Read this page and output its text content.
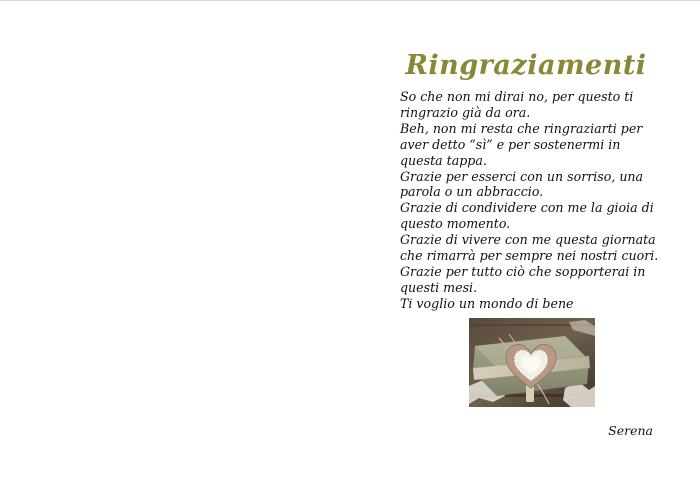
Ringraziamenti
So che non mi dirai no, per questo ti
ringrazio già da ora.
Beh, non mi resta che ringraziarti per
aver detto “sì” e per sostenermi in
questa tappa.
Grazie per esserci con un sorriso, una
parola o un abbraccio.
Grazie di condividere con me la gioia di
questo momento.
Grazie di vivere con me questa giornata
che rimarrà per sempre nei nostri cuori.
Grazie per tutto ciò che sopporterai in
questi mesi.
Ti voglio un mondo di bene
Serena
